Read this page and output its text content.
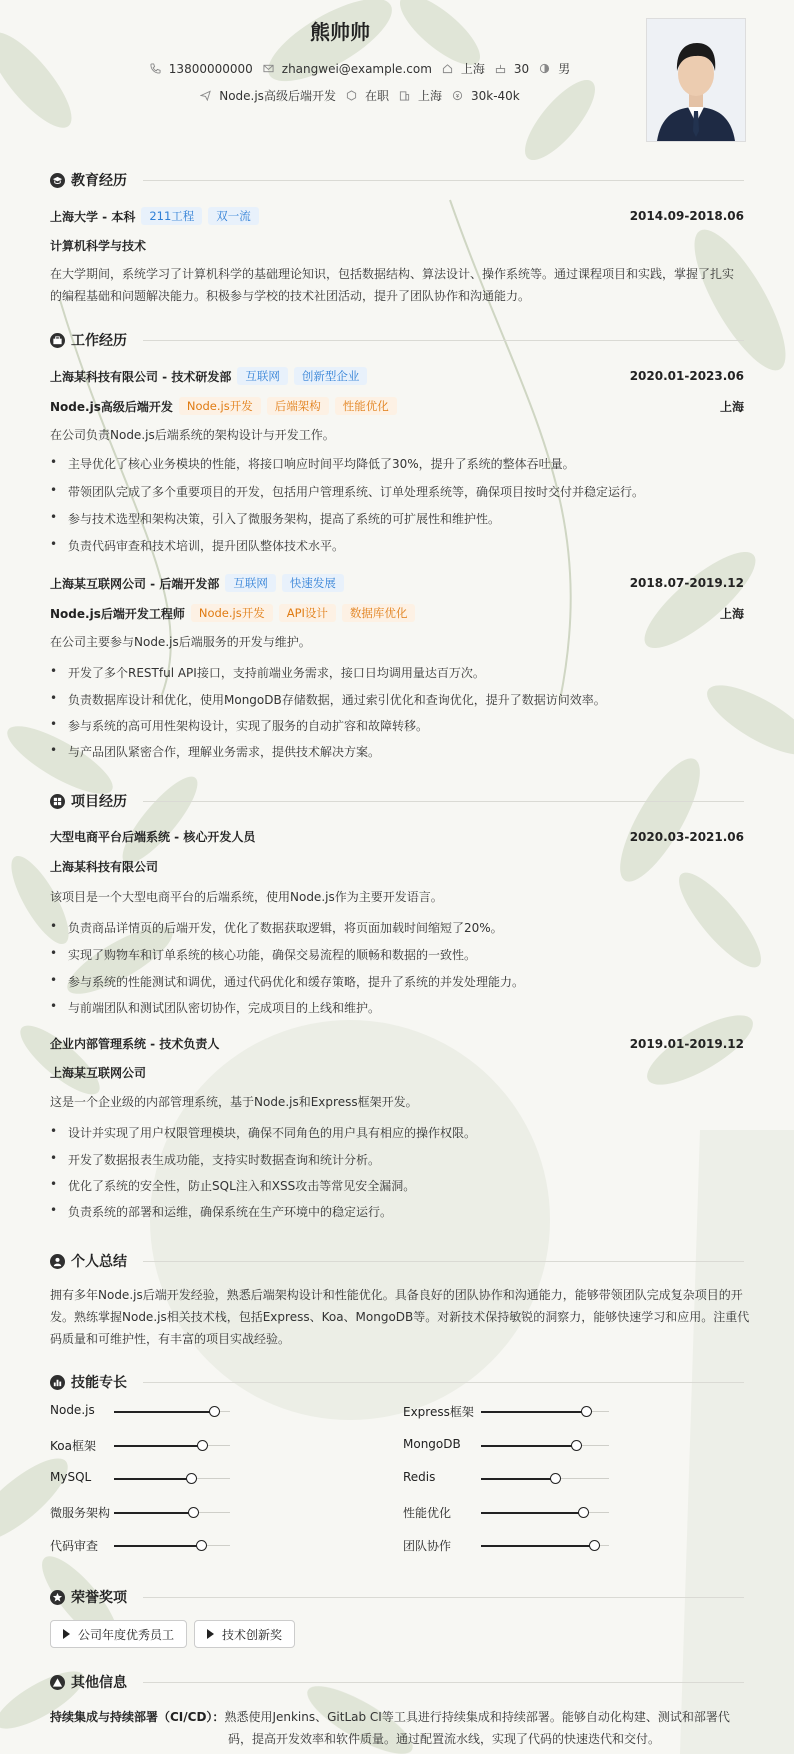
熊帅帅
13800000000 zhangwei@example.com 上海 30 男
Node.js高级后端开发 在职 上海 30k-40k
教育经历
上海大学 - 本科	211工程	双一流	2014.09-2018.06
计算机科学与技术
在大学期间，系统学习了计算机科学的基础理论知识，包括数据结构、算法设计、操作系统等。通过课程项目和实践，掌握了扎实
的编程基础和问题解决能力。积极参与学校的技术社团活动，提升了团队协作和沟通能力。
工作经历
上海某科技有限公司 - 技术研发部	互联网	创新型企业	2020.01-2023.06
Node.js高级后端开发	Node.js开发	后端架构	性能优化	上海
在公司负责Node.js后端系统的架构设计与开发工作。
• 主导优化了核心业务模块的性能，将接口响应时间平均降低了30%，提升了系统的整体吞吐量。
• 带领团队完成了多个重要项目的开发，包括用户管理系统、订单处理系统等，确保项目按时交付并稳定运行。
• 参与技术选型和架构决策，引入了微服务架构，提高了系统的可扩展性和维护性。
• 负责代码审查和技术培训，提升团队整体技术水平。
上海某互联网公司 - 后端开发部	互联网	快速发展	2018.07-2019.12
Node.js后端开发工程师	Node.js开发	API设计	数据库优化	上海
在公司主要参与Node.js后端服务的开发与维护。
• 开发了多个RESTful API接口，支持前端业务需求，接口日均调用量达百万次。
• 负责数据库设计和优化，使用MongoDB存储数据，通过索引优化和查询优化，提升了数据访问效率。
• 参与系统的高可用性架构设计，实现了服务的自动扩容和故障转移。
• 与产品团队紧密合作，理解业务需求，提供技术解决方案。
项目经历
大型电商平台后端系统 - 核心开发人员	2020.03-2021.06
上海某科技有限公司
该项目是一个大型电商平台的后端系统，使用Node.js作为主要开发语言。
• 负责商品详情页的后端开发，优化了数据获取逻辑，将页面加载时间缩短了20%。
• 实现了购物车和订单系统的核心功能，确保交易流程的顺畅和数据的一致性。
• 参与系统的性能测试和调优，通过代码优化和缓存策略，提升了系统的并发处理能力。
• 与前端团队和测试团队密切协作，完成项目的上线和维护。
企业内部管理系统 - 技术负责人	2019.01-2019.12
上海某互联网公司
这是一个企业级的内部管理系统，基于Node.js和Express框架开发。
• 设计并实现了用户权限管理模块，确保不同角色的用户具有相应的操作权限。
• 开发了数据报表生成功能，支持实时数据查询和统计分析。
• 优化了系统的安全性，防止SQL注入和XSS攻击等常见安全漏洞。
• 负责系统的部署和运维，确保系统在生产环境中的稳定运行。
个人总结
拥有多年Node.js后端开发经验，熟悉后端架构设计和性能优化。具备良好的团队协作和沟通能力，能够带领团队完成复杂项目的开
发。熟练掌握Node.js相关技术栈，包括Express、Koa、MongoDB等。对新技术保持敏锐的洞察力，能够快速学习和应用。注重代
码质量和可维护性，有丰富的项目实战经验。
技能专长
Node.js	Express框架
Koa框架	MongoDB
MySQL	Redis
微服务架构	性能优化
代码审查	团队协作
荣誉奖项
公司年度优秀员工	技术创新奖
其他信息
持续集成与持续部署（CI/CD）：熟悉使用Jenkins、GitLab CI等工具进行持续集成和持续部署。能够自动化构建、测试和部署代
码，提高开发效率和软件质量。通过配置流水线，实现了代码的快速迭代和交付。
